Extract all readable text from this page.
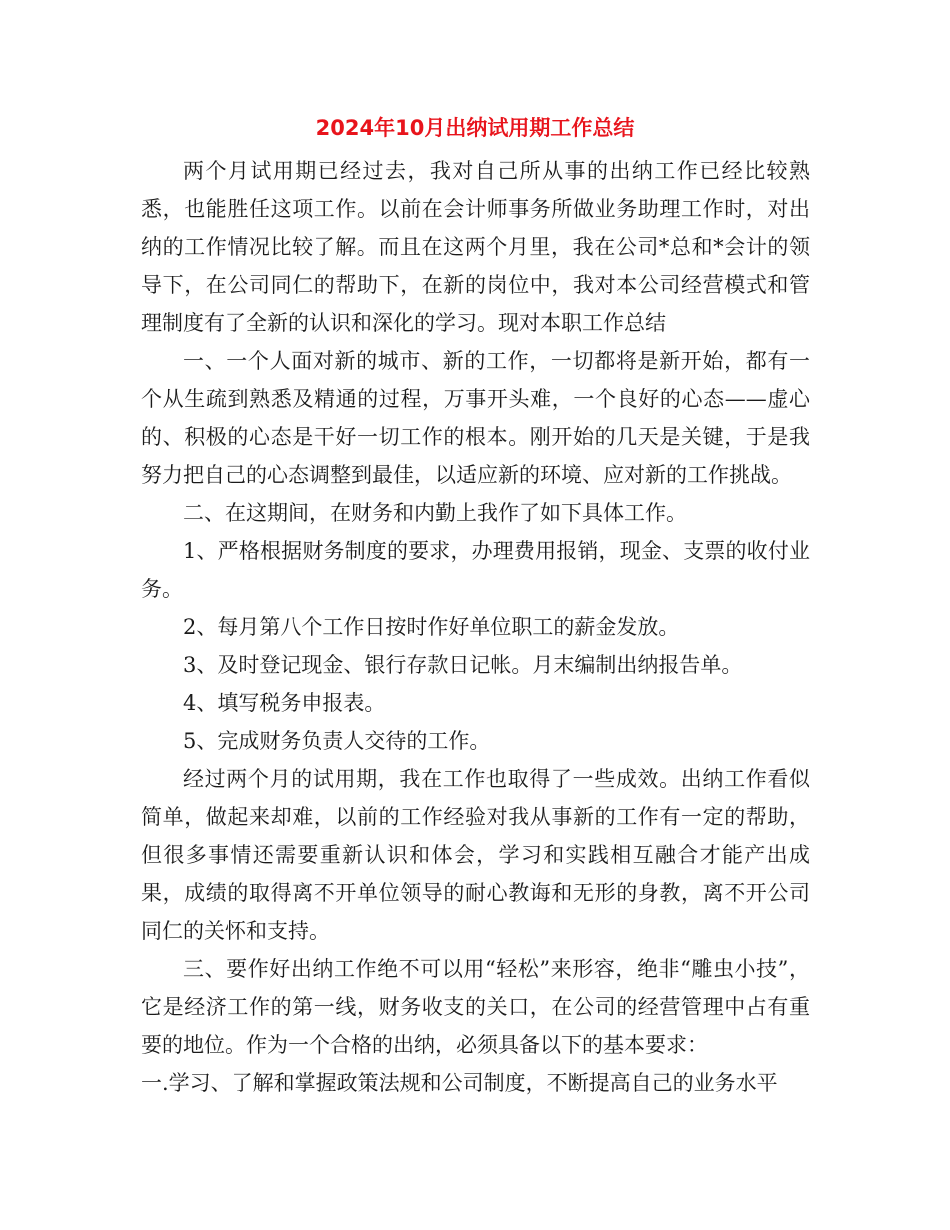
2024年10月出纳试用期工作总结

两个月试用期已经过去，我对自己所从事的出纳工作已经比较熟悉，也能胜任这项工作。以前在会计师事务所做业务助理工作时，对出纳的工作情况比较了解。而且在这两个月里，我在公司*总和*会计的领导下，在公司同仁的帮助下，在新的岗位中，我对本公司经营模式和管理制度有了全新的认识和深化的学习。现对本职工作总结

一、一个人面对新的城市、新的工作，一切都将是新开始，都有一个从生疏到熟悉及精通的过程，万事开头难，一个良好的心态——虚心的、积极的心态是干好一切工作的根本。刚开始的几天是关键，于是我努力把自己的心态调整到最佳，以适应新的环境、应对新的工作挑战。

二、在这期间，在财务和内勤上我作了如下具体工作。

1、严格根据财务制度的要求，办理费用报销，现金、支票的收付业务。

2、每月第八个工作日按时作好单位职工的薪金发放。

3、及时登记现金、银行存款日记帐。月末编制出纳报告单。

4、填写税务申报表。

5、完成财务负责人交待的工作。

经过两个月的试用期，我在工作也取得了一些成效。出纳工作看似简单，做起来却难，以前的工作经验对我从事新的工作有一定的帮助，但很多事情还需要重新认识和体会，学习和实践相互融合才能产出成果，成绩的取得离不开单位领导的耐心教诲和无形的身教，离不开公司同仁的关怀和支持。

三、要作好出纳工作绝不可以用“轻松”来形容，绝非“雕虫小技”，它是经济工作的第一线，财务收支的关口，在公司的经营管理中占有重要的地位。作为一个合格的出纳，必须具备以下的基本要求：

一.学习、了解和掌握政策法规和公司制度，不断提高自己的业务水平
